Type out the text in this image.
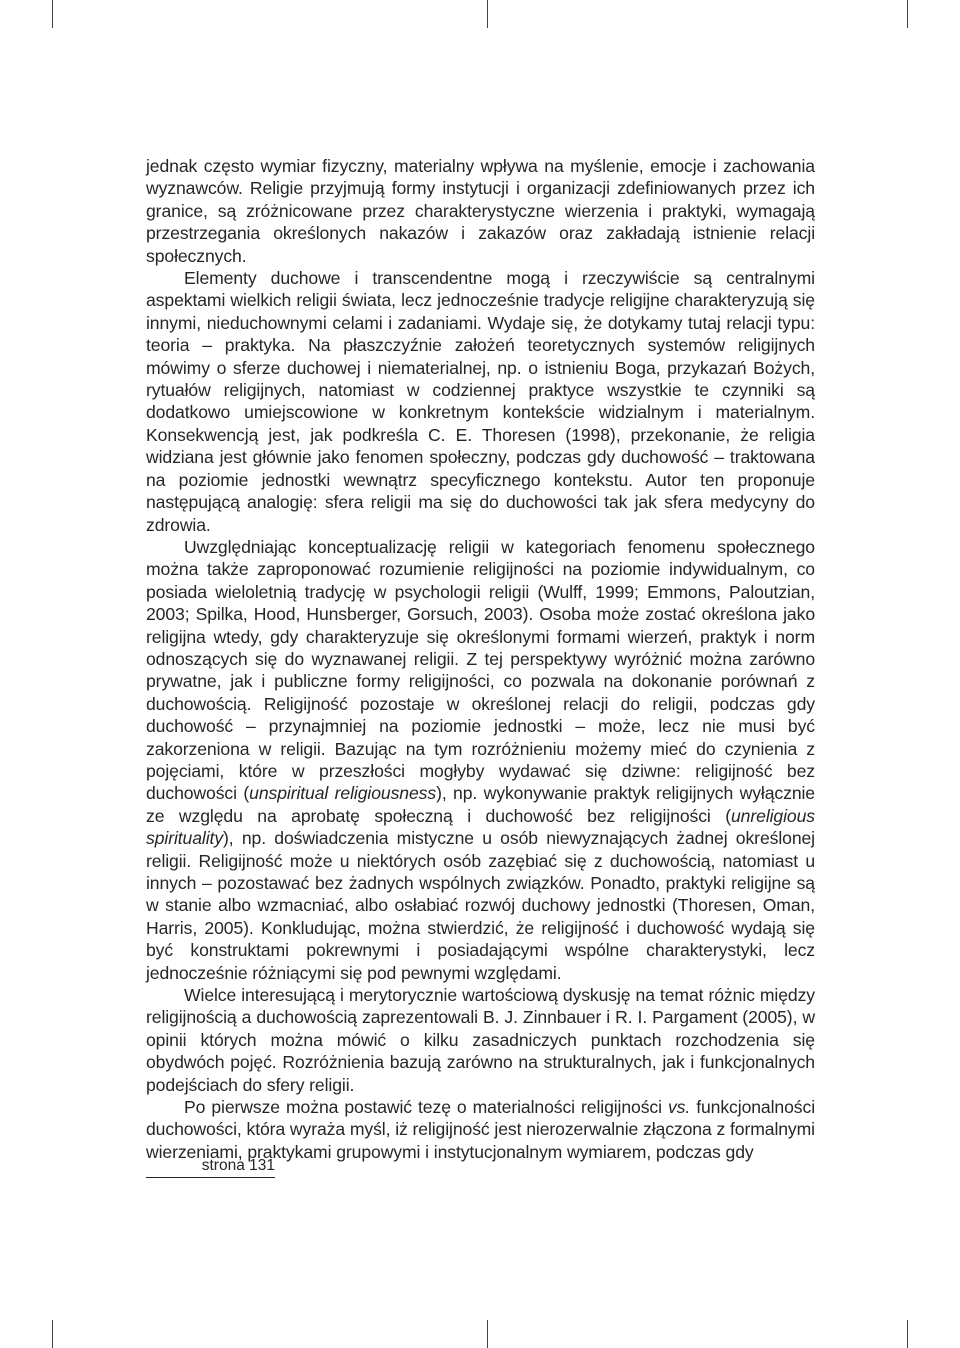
jednak często wymiar fizyczny, materialny wpływa na myślenie, emocje i zachowania wyznawców. Religie przyjmują formy instytucji i organizacji zdefiniowanych przez ich granice, są zróżnicowane przez charakterystyczne wierzenia i praktyki, wymagają przestrzegania określonych nakazów i zakazów oraz zakładają istnienie relacji społecznych.

Elementy duchowe i transcendentne mogą i rzeczywiście są centralnymi aspektami wielkich religii świata, lecz jednocześnie tradycje religijne charakteryzują się innymi, nieduchownymi celami i zadaniami. Wydaje się, że dotykamy tutaj relacji typu: teoria – praktyka. Na płaszczyźnie założeń teoretycznych systemów religijnych mówimy o sferze duchowej i niematerialnej, np. o istnieniu Boga, przykazań Bożych, rytuałów religijnych, natomiast w codziennej praktyce wszystkie te czynniki są dodatkowo umiejscowione w konkretnym kontekście widzialnym i materialnym. Konsekwencją jest, jak podkreśla C. E. Thoresen (1998), przekonanie, że religia widziana jest głównie jako fenomen społeczny, podczas gdy duchowość – traktowana na poziomie jednostki wewnątrz specyficznego kontekstu. Autor ten proponuje następującą analogię: sfera religii ma się do duchowości tak jak sfera medycyny do zdrowia.

Uwzględniając konceptualizację religii w kategoriach fenomenu społecznego można także zaproponować rozumienie religijności na poziomie indywidualnym, co posiada wieloletnią tradycję w psychologii religii (Wulff, 1999; Emmons, Paloutzian, 2003; Spilka, Hood, Hunsberger, Gorsuch, 2003). Osoba może zostać określona jako religijna wtedy, gdy charakteryzuje się określonymi formami wierzeń, praktyk i norm odnoszących się do wyznawanej religii. Z tej perspektywy wyróżnić można zarówno prywatne, jak i publiczne formy religijności, co pozwala na dokonanie porównań z duchowością. Religijność pozostaje w określonej relacji do religii, podczas gdy duchowość – przynajmniej na poziomie jednostki – może, lecz nie musi być zakorzeniona w religii. Bazując na tym rozróżnieniu możemy mieć do czynienia z pojęciami, które w przeszłości mogłyby wydawać się dziwne: religijność bez duchowości (unspiritual religiousness), np. wykonywanie praktyk religijnych wyłącznie ze względu na aprobatę społeczną i duchowość bez religijności (unreligious spirituality), np. doświadczenia mistyczne u osób niewyznających żadnej określonej religii. Religijność może u niektórych osób zazębiać się z duchowością, natomiast u innych – pozostawać bez żadnych wspólnych związków. Ponadto, praktyki religijne są w stanie albo wzmacniać, albo osłabiać rozwój duchowy jednostki (Thoresen, Oman, Harris, 2005). Konkludując, można stwierdzić, że religijność i duchowość wydają się być konstruktami pokrewnymi i posiadającymi wspólne charakterystyki, lecz jednocześnie różniącymi się pod pewnymi względami.

Wielce interesującą i merytorycznie wartościową dyskusję na temat różnic między religijnością a duchowością zaprezentowali B. J. Zinnbauer i R. I. Pargament (2005), w opinii których można mówić o kilku zasadniczych punktach rozchodzenia się obydwóch pojęć. Rozróżnienia bazują zarówno na strukturalnych, jak i funkcjonalnych podejściach do sfery religii.

Po pierwsze można postawić tezę o materialności religijności vs. funkcjonalności duchowości, która wyraża myśl, iż religijność jest nierozerwalnie złączona z formalnymi wierzeniami, praktykami grupowymi i instytucjonalnym wymiarem, podczas gdy

strona 131
